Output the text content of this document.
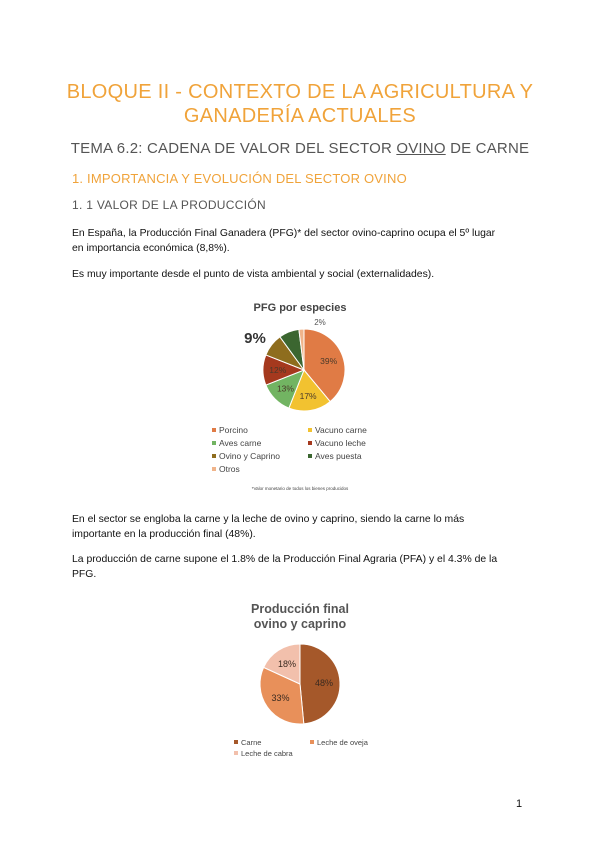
BLOQUE II - CONTEXTO DE LA AGRICULTURA Y
GANADERÍA ACTUALES
TEMA 6.2: CADENA DE VALOR DEL SECTOR OVINO DE CARNE
1. IMPORTANCIA Y EVOLUCIÓN DEL SECTOR OVINO
1. 1 VALOR DE LA PRODUCCIÓN
En España, la Producción Final Ganadera (PFG)* del sector ovino-caprino ocupa el 5º lugar
en importancia económica (8,8%).
Es muy importante desde el punto de vista ambiental y social (externalidades).
PFG por especies
39%
17%
13%
12%
9%
2%
Porcino	Vacuno carne
Aves carne	Vacuno leche
Ovino y Caprino	Aves puesta
Otros
*Valor monetario de todos los bienes producidos
En el sector se engloba la carne y la leche de ovino y caprino, siendo la carne lo más
importante en la producción final (48%).
La producción de carne supone el 1.8% de la Producción Final Agraria (PFA) y el 4.3% de la
PFG.
Producción final
ovino y caprino
48%
33%
18%
Carne	Leche de oveja
Leche de cabra
1
